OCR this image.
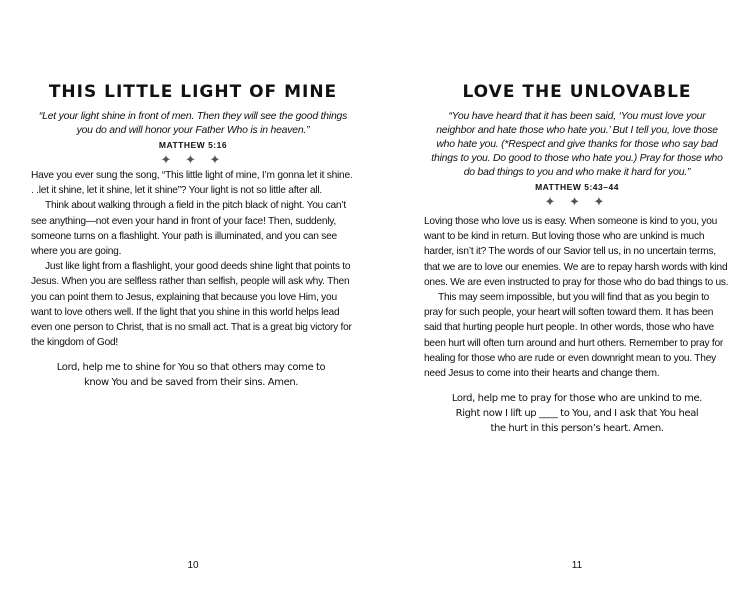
THIS LITTLE LIGHT OF MINE
“Let your light shine in front of men. Then they will see the good things you do and will honor your Father Who is in heaven.”
MATTHEW 5:16
✦ ✦ ✦

Have you ever sung the song, “This little light of mine, I’m gonna let it shine. . .let it shine, let it shine, let it shine”? Your light is not so little after all.

Think about walking through a field in the pitch black of night. You can’t see anything—not even your hand in front of your face! Then, suddenly, someone turns on a flashlight. Your path is illuminated, and you can see where you are going.

Just like light from a flashlight, your good deeds shine light that points to Jesus. When you are selfless rather than selfish, people will ask why. Then you can point them to Jesus, explaining that because you love Him, you want to love others well. If the light that you shine in this world helps lead even one person to Christ, that is no small act. That is a great big victory for the kingdom of God!

Lord, help me to shine for You so that others may come to know You and be saved from their sins. Amen.
10
LOVE THE UNLOVABLE
“You have heard that it has been said, ‘You must love your neighbor and hate those who hate you.’ But I tell you, love those who hate you. (*Respect and give thanks for those who say bad things to you. Do good to those who hate you.) Pray for those who do bad things to you and who make it hard for you.”
MATTHEW 5:43–44
✦ ✦ ✦

Loving those who love us is easy. When someone is kind to you, you want to be kind in return. But loving those who are unkind is much harder, isn’t it? The words of our Savior tell us, in no uncertain terms, that we are to love our enemies. We are to repay harsh words with kind ones. We are even instructed to pray for those who do bad things to us.

This may seem impossible, but you will find that as you begin to pray for such people, your heart will soften toward them. It has been said that hurting people hurt people. In other words, those who have been hurt will often turn around and hurt others. Remember to pray for healing for those who are rude or even downright mean to you. They need Jesus to come into their hearts and change them.

Lord, help me to pray for those who are unkind to me. Right now I lift up ____ to You, and I ask that You heal the hurt in this person’s heart. Amen.
11
